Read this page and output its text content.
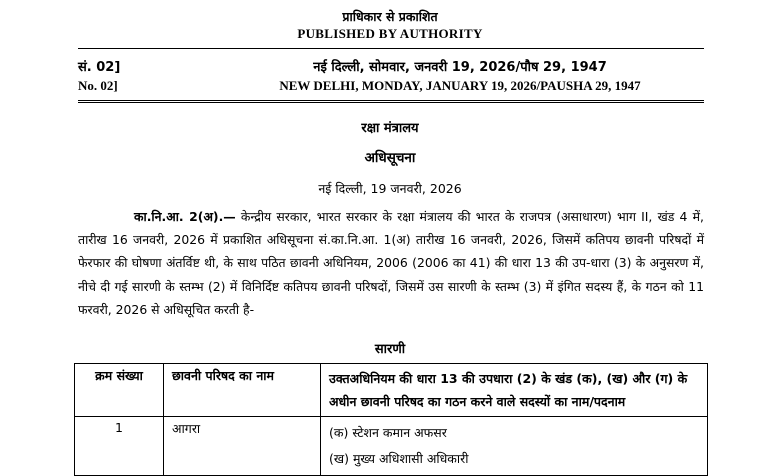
प्राधिकार से प्रकाशित
PUBLISHED BY AUTHORITY
सं. 02]	नई दिल्ली, सोमवार, जनवरी 19, 2026/पौष 29, 1947
No. 02]	NEW DELHI, MONDAY, JANUARY 19, 2026/PAUSHA 29, 1947
रक्षा मंत्रालय
अधिसूचना
नई दिल्ली, 19 जनवरी, 2026
का.नि.आ. 2(अ).— केन्द्रीय सरकार, भारत सरकार के रक्षा मंत्रालय की भारत के राजपत्र (असाधारण) भाग II, खंड 4 में, तारीख 16 जनवरी, 2026 में प्रकाशित अधिसूचना सं.का.नि.आ. 1(अ) तारीख 16 जनवरी, 2026, जिसमें कतिपय छावनी परिषदों में फेरफार की घोषणा अंतर्विष्ट थी, के साथ पठित छावनी अधिनियम, 2006 (2006 का 41) की धारा 13 की उप-धारा (3) के अनुसरण में, नीचे दी गई सारणी के स्तम्भ (2) में विनिर्दिष्ट कतिपय छावनी परिषदों, जिसमें उस सारणी के स्तम्भ (3) में इंगित सदस्य हैं, के गठन को 11 फरवरी, 2026 से अधिसूचित करती है-
सारणी
क्रम संख्या	छावनी परिषद का नाम	उक्तअधिनियम की धारा 13 की उपधारा (2) के खंड (क), (ख) और (ग) के अधीन छावनी परिषद का गठन करने वाले सदस्यों का नाम/पदनाम
1	आगरा	(क) स्टेशन कमान अफसर
(ख) मुख्य अधिशासी अधिकारी
